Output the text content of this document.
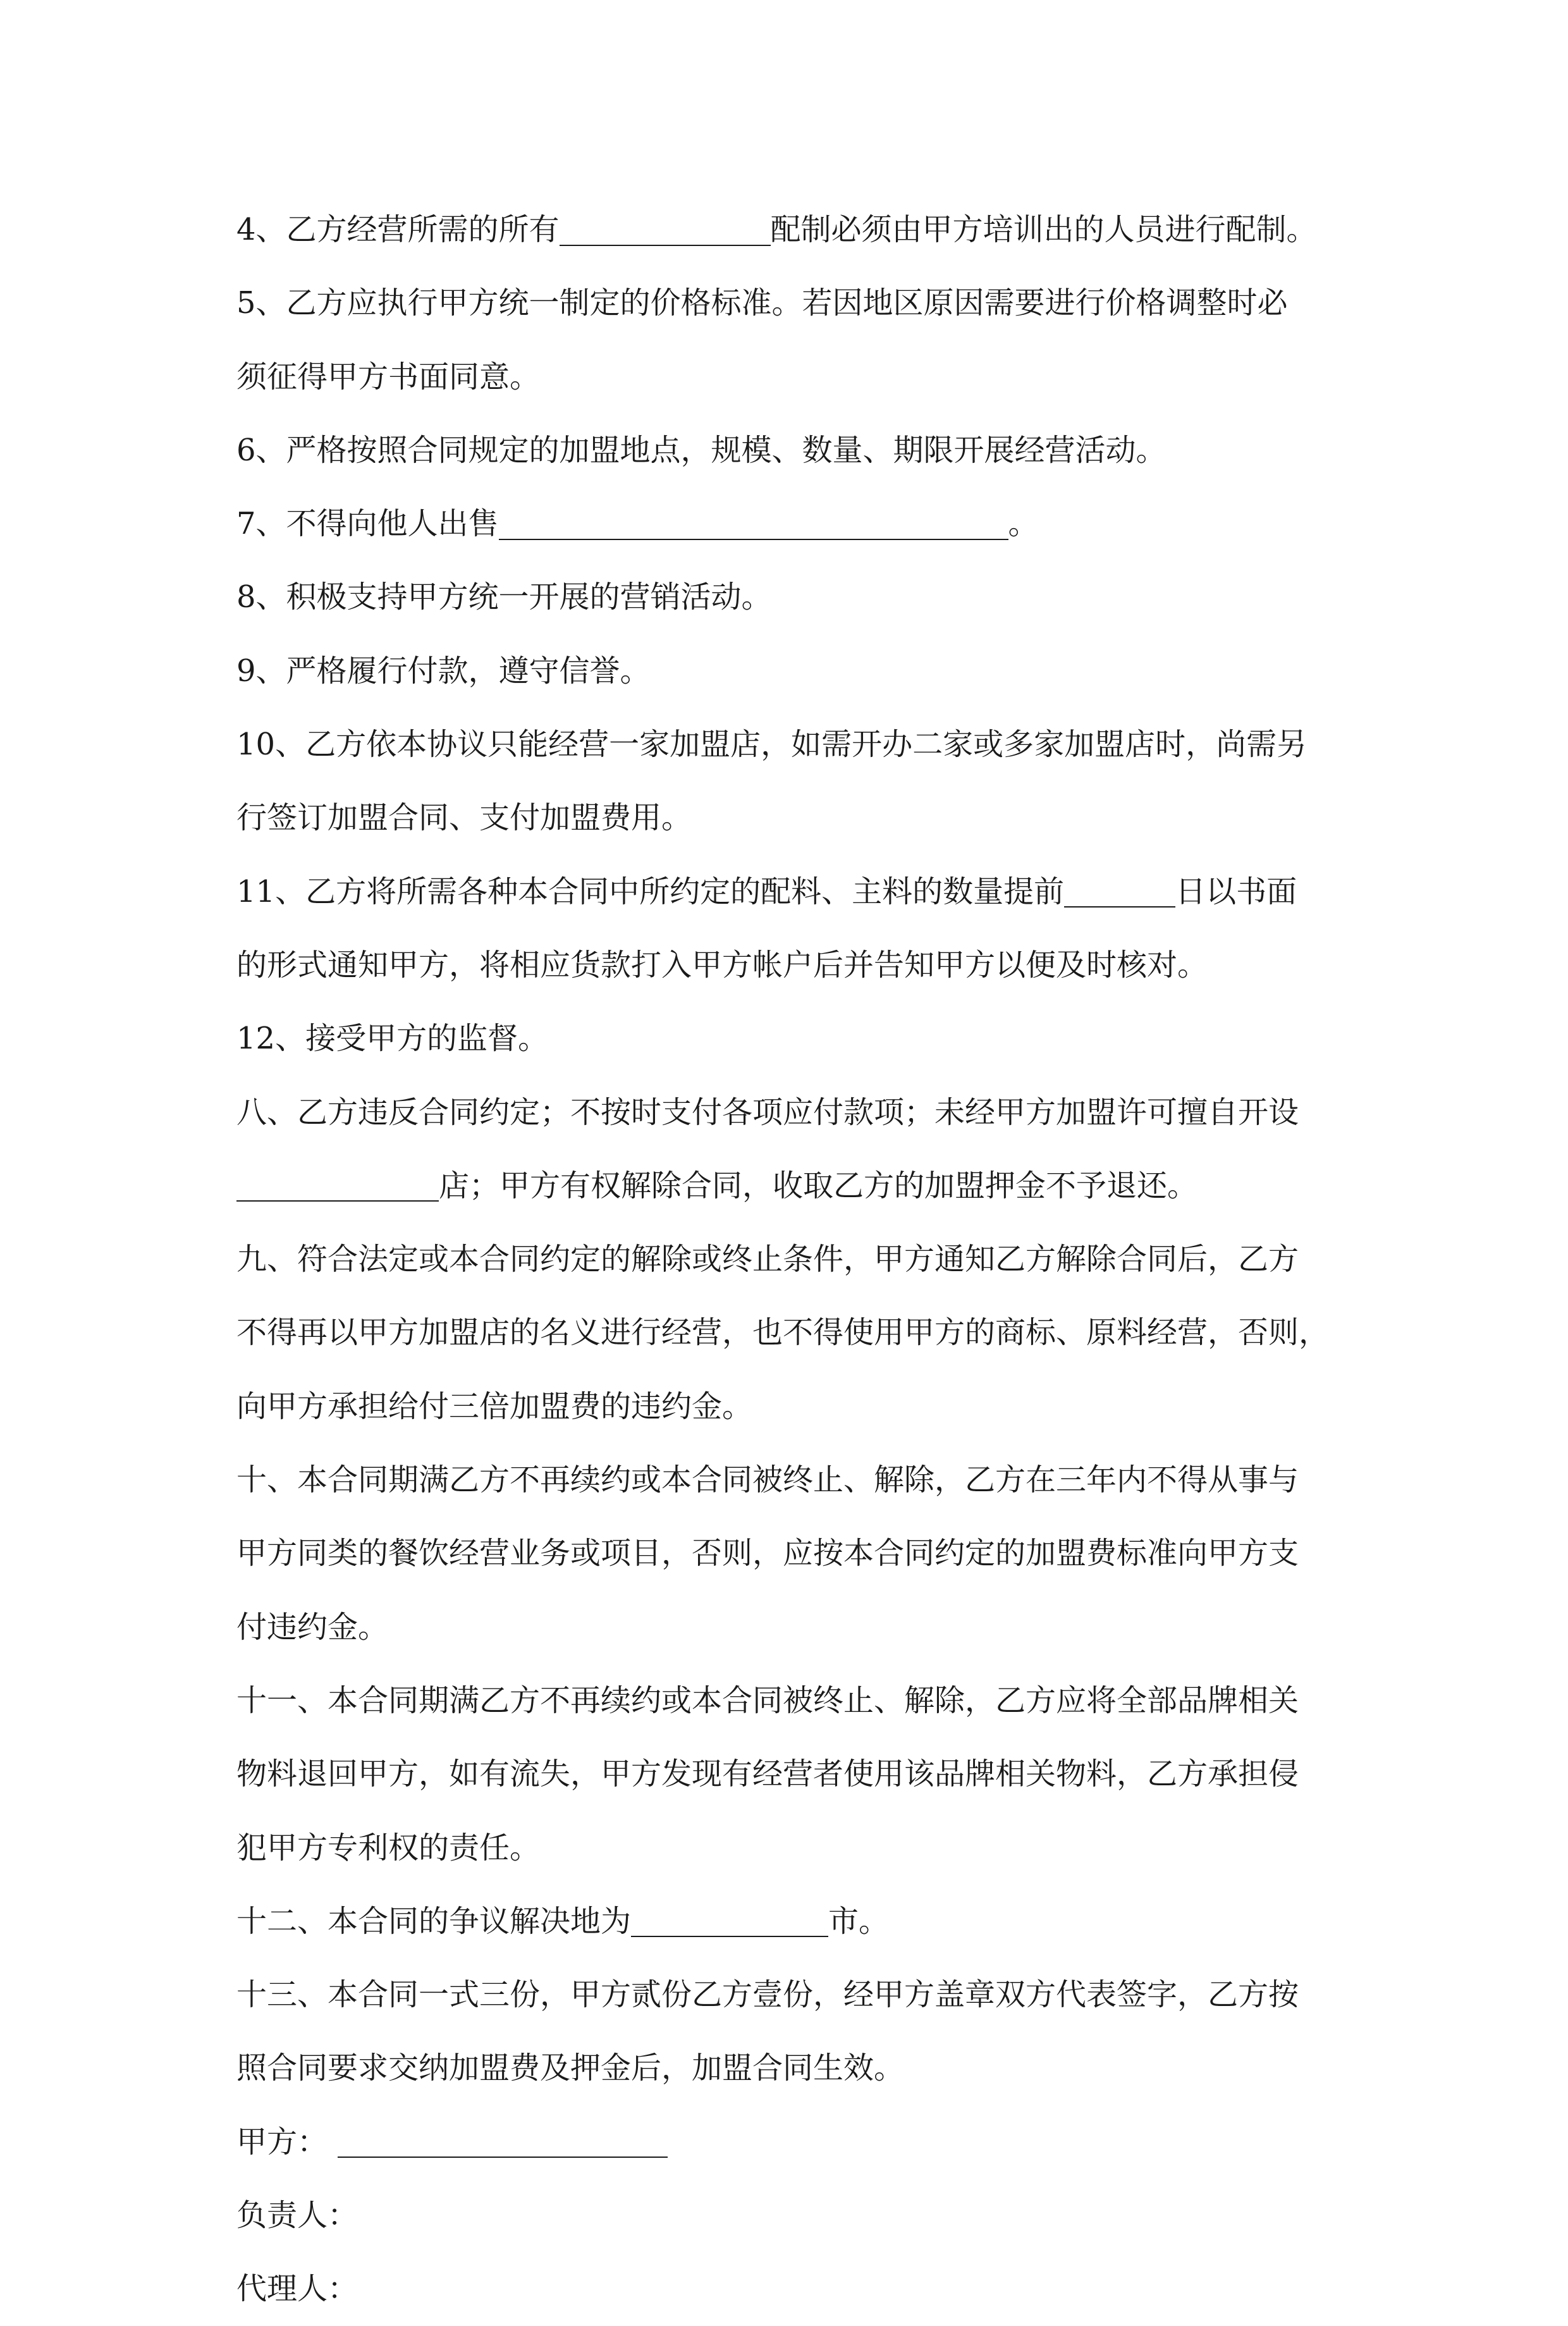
4、乙方经营所需的所有	配制必须由甲方培训出的人员进行配制。

5、乙方应执行甲方统一制定的价格标准。若因地区原因需要进行价格调整时必

须征得甲方书面同意。

6、严格按照合同规定的加盟地点，规模、数量、期限开展经营活动。

7、不得向他人出售	。

8、积极支持甲方统一开展的营销活动。

9、严格履行付款，遵守信誉。

10、乙方依本协议只能经营一家加盟店，如需开办二家或多家加盟店时，尚需另

行签订加盟合同、支付加盟费用。

11、乙方将所需各种本合同中所约定的配料、主料的数量提前	日以书面

的形式通知甲方，将相应货款打入甲方帐户后并告知甲方以便及时核对。

12、接受甲方的监督。

八、乙方违反合同约定；不按时支付各项应付款项；未经甲方加盟许可擅自开设

店；甲方有权解除合同，收取乙方的加盟押金不予退还。

九、符合法定或本合同约定的解除或终止条件，甲方通知乙方解除合同后，乙方

不得再以甲方加盟店的名义进行经营，也不得使用甲方的商标、原料经营，否则，

向甲方承担给付三倍加盟费的违约金。

十、本合同期满乙方不再续约或本合同被终止、解除，乙方在三年内不得从事与

甲方同类的餐饮经营业务或项目，否则，应按本合同约定的加盟费标准向甲方支

付违约金。

十一、本合同期满乙方不再续约或本合同被终止、解除，乙方应将全部品牌相关

物料退回甲方，如有流失，甲方发现有经营者使用该品牌相关物料，乙方承担侵

犯甲方专利权的责任。

十二、本合同的争议解决地为	市。

十三、本合同一式三份，甲方贰份乙方壹份，经甲方盖章双方代表签字，乙方按

照合同要求交纳加盟费及押金后，加盟合同生效。

甲方：

负责人：

代理人：
